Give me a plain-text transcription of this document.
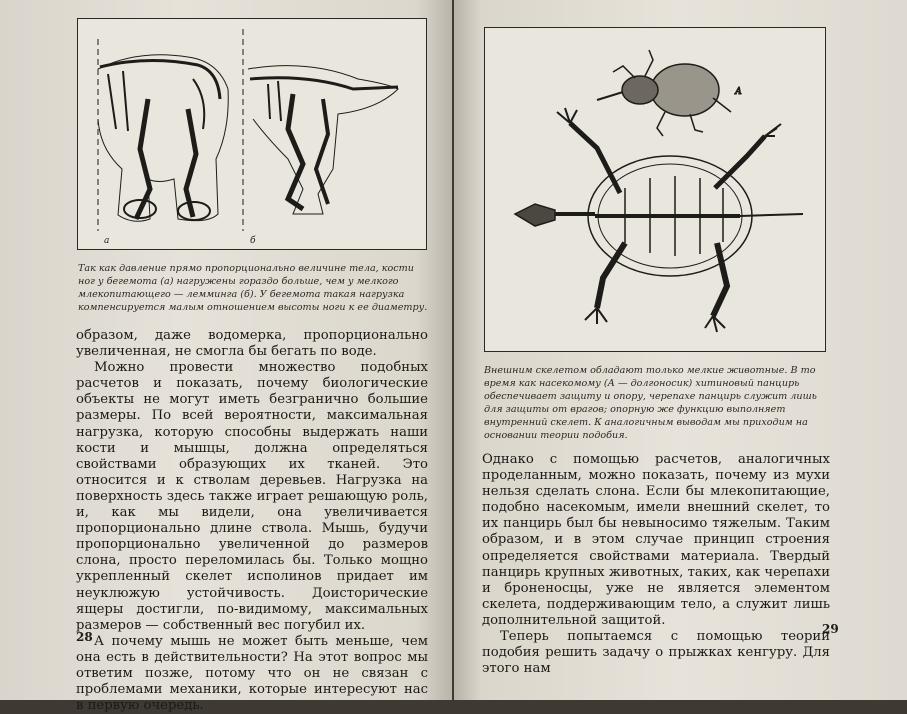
а	б
Так как давление прямо пропорционально величине тела, кости ног у бегемота (а) нагружены гораздо больше, чем у мелкого млекопитающего — лемминга (б). У бегемота такая нагрузка компенсируется малым отношением высоты ноги к ее диаметру.

образом, даже водомерка, пропорционально увеличенная, не смогла бы бегать по воде.

Можно провести множество подобных расчетов и показать, почему биологические объекты не могут иметь безгранично большие размеры. По всей вероятности, максимальная нагрузка, которую способны выдержать наши кости и мышцы, должна определяться свойствами образующих их тканей. Это относится и к стволам деревьев. Нагрузка на поверхность здесь также играет решающую роль, и, как мы видели, она увеличивается пропорционально длине ствола. Мышь, будучи пропорционально увеличенной до размеров слона, просто переломилась бы. Только мощно укрепленный скелет исполинов придает им неуклюжую устойчивость. Доисторические ящеры достигли, по-видимому, максимальных размеров — собственный вес погубил их.

А почему мышь не может быть меньше, чем она есть в действительности? На этот вопрос мы ответим позже, потому что он не связан с проблемами механики, которые интересуют нас в первую очередь.

28
А
Внешним скелетом обладают только мелкие животные. В то время как насекомому (А — долгоносик) хитиновый панцирь обеспечивает защиту и опору, черепахе панцирь служит лишь для защиты от врагов; опорную же функцию выполняет внутренний скелет. К аналогичным выводам мы приходим на основании теории подобия.

Однако с помощью расчетов, аналогичных проделанным, можно показать, почему из мухи нельзя сделать слона. Если бы млекопитающие, подобно насекомым, имели внешний скелет, то их панцирь был бы невыносимо тяжелым. Таким образом, и в этом случае принцип строения определяется свойствами материала. Твердый панцирь крупных животных, таких, как черепахи и броненосцы, уже не является элементом скелета, поддерживающим тело, а служит лишь дополнительной защитой.

Теперь попытаемся с помощью теории подобия решить задачу о прыжках кенгуру. Для этого нам

29
